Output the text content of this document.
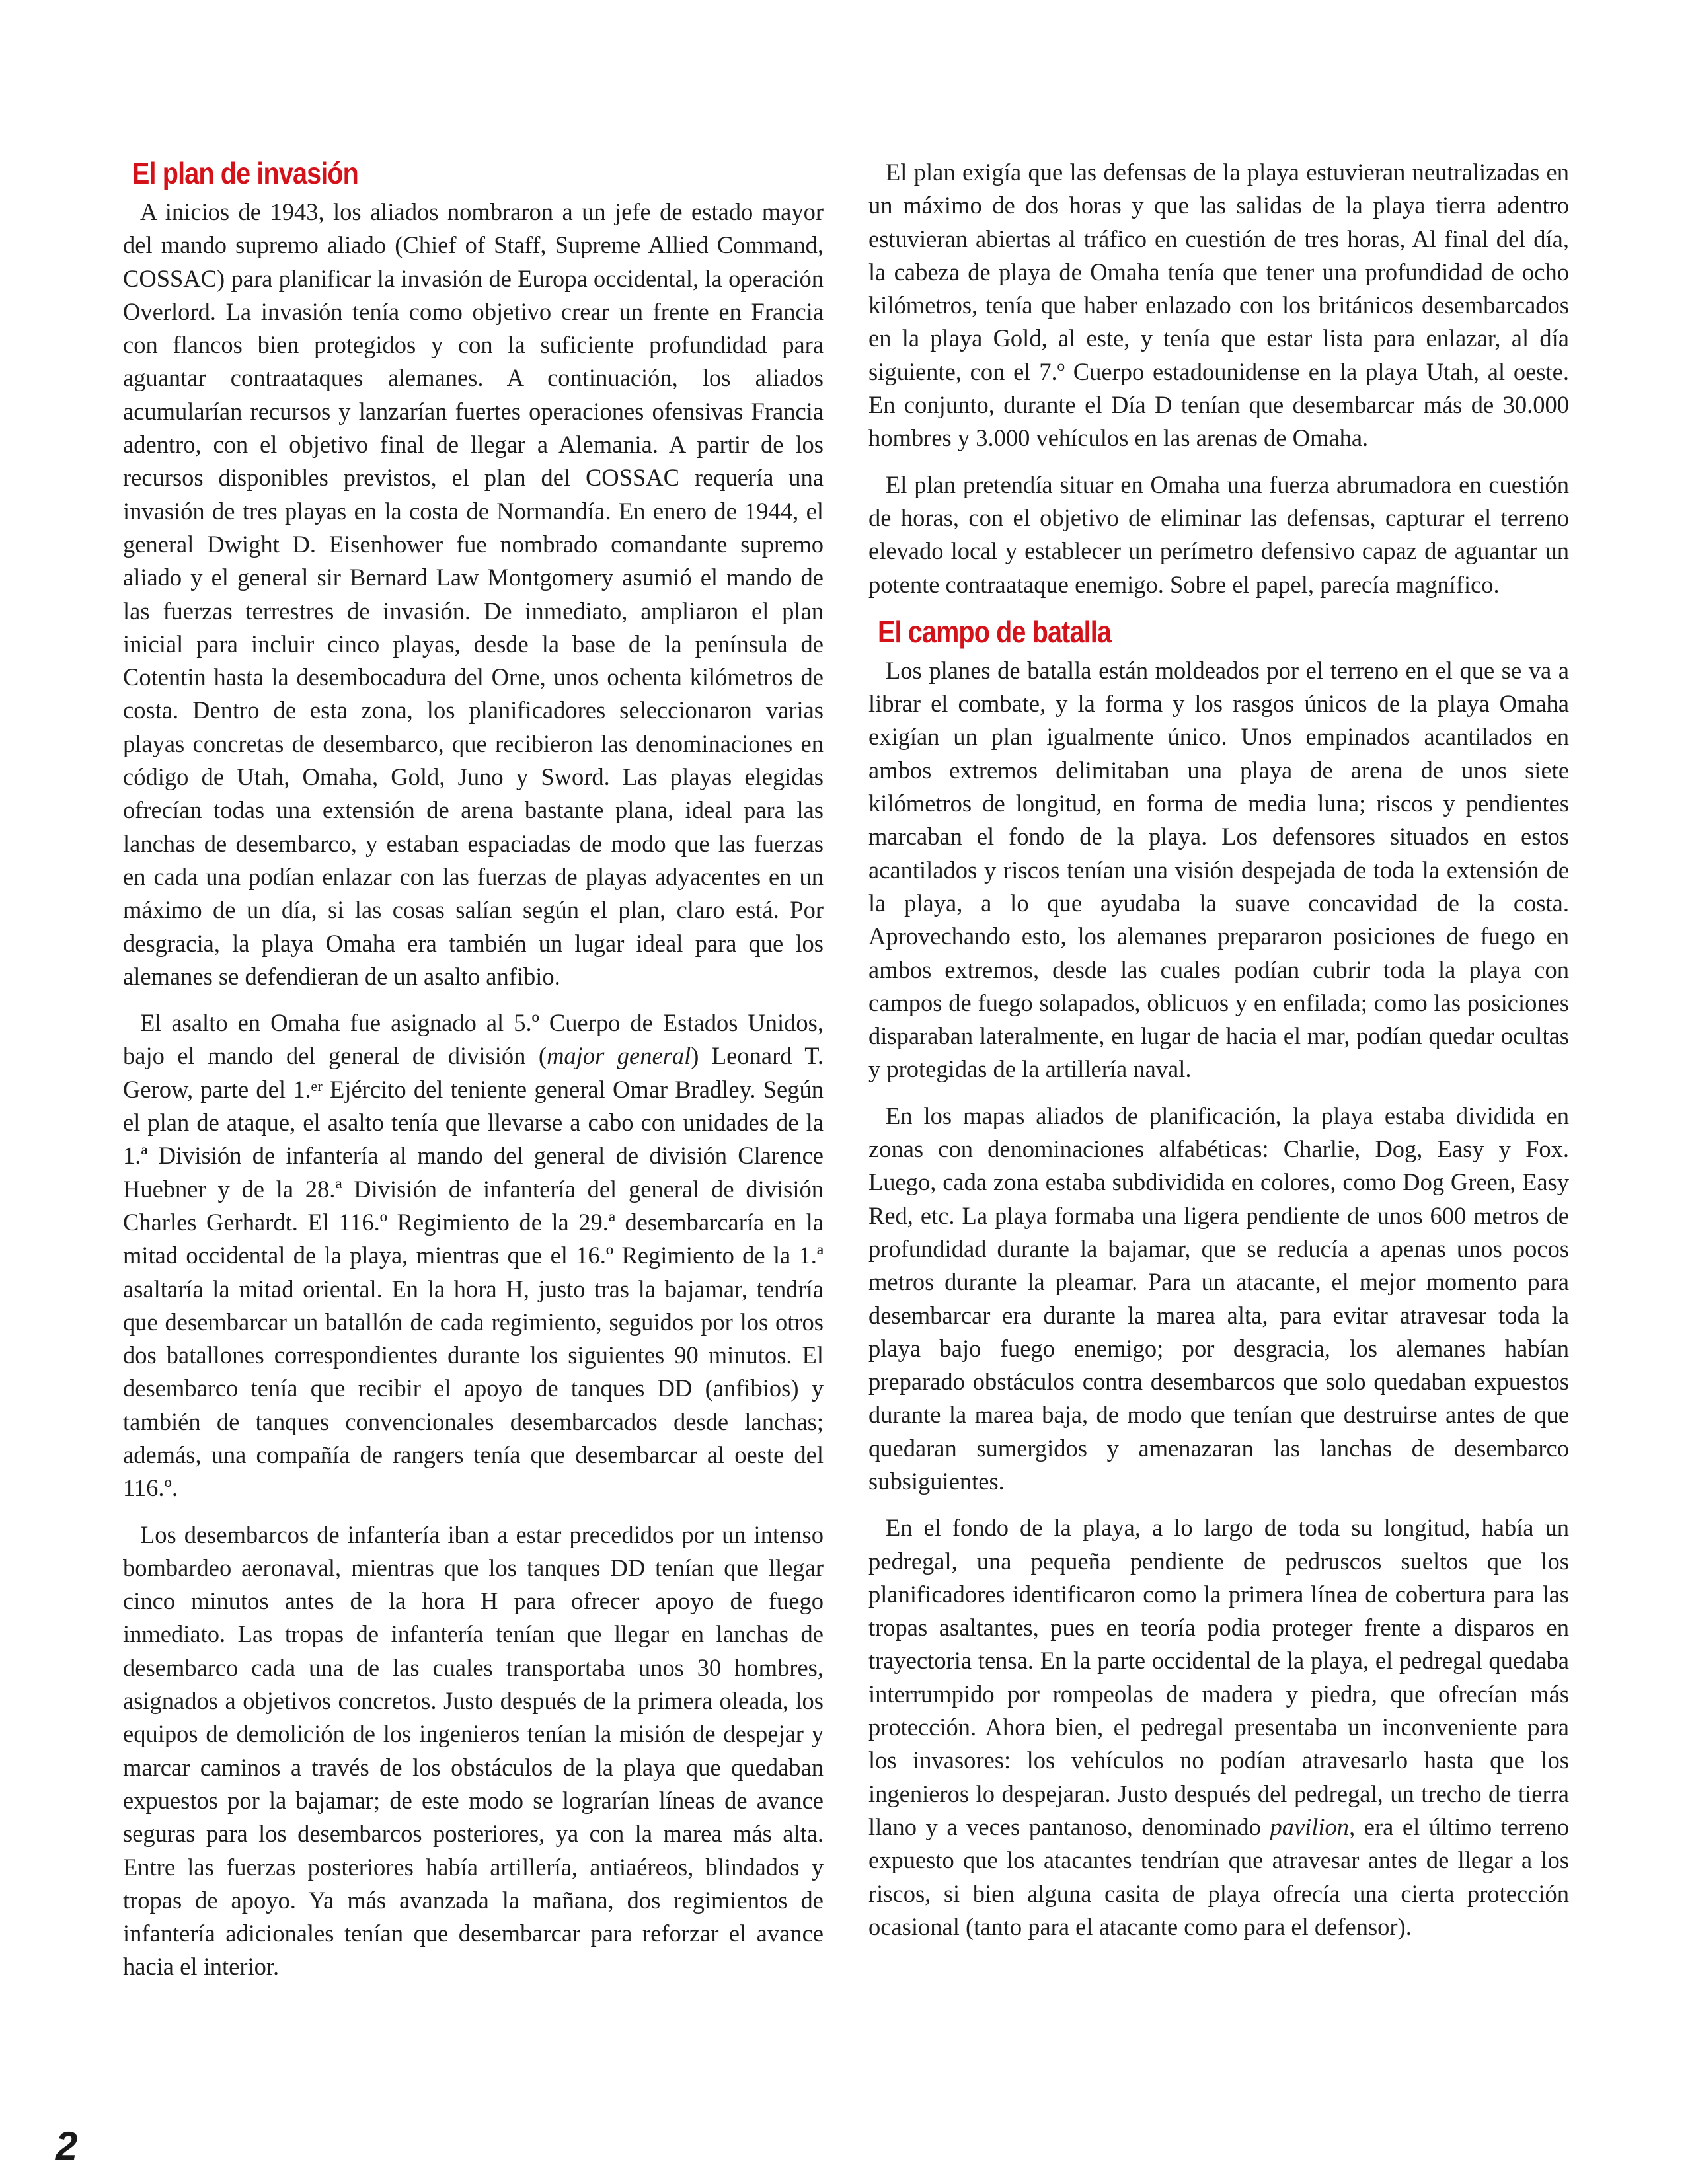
El plan de invasión

A inicios de 1943, los aliados nombraron a un jefe de estado mayor del mando supremo aliado (Chief of Staff, Supreme Allied Command, COSSAC) para planificar la invasión de Europa occidental, la operación Overlord. La invasión tenía como objetivo crear un frente en Francia con flancos bien protegidos y con la suficiente profundidad para aguantar contraataques alemanes. A continuación, los aliados acumularían recursos y lanzarían fuertes operaciones ofensivas Francia adentro, con el objetivo final de llegar a Alemania. A partir de los recursos disponibles previstos, el plan del COSSAC requería una invasión de tres playas en la costa de Normandía. En enero de 1944, el general Dwight D. Eisenhower fue nombrado comandante supremo aliado y el general sir Bernard Law Montgomery asumió el mando de las fuerzas terrestres de invasión. De inmediato, ampliaron el plan inicial para incluir cinco playas, desde la base de la península de Cotentin hasta la desembocadura del Orne, unos ochenta kilómetros de costa. Dentro de esta zona, los planificadores seleccionaron varias playas concretas de desembarco, que recibieron las denominaciones en código de Utah, Omaha, Gold, Juno y Sword. Las playas elegidas ofrecían todas una extensión de arena bastante plana, ideal para las lanchas de desembarco, y estaban espaciadas de modo que las fuerzas en cada una podían enlazar con las fuerzas de playas adyacentes en un máximo de un día, si las cosas salían según el plan, claro está. Por desgracia, la playa Omaha era también un lugar ideal para que los alemanes se defendieran de un asalto anfibio.

El asalto en Omaha fue asignado al 5.º Cuerpo de Estados Unidos, bajo el mando del general de división (major general) Leonard T. Gerow, parte del 1.ᵉʳ Ejército del teniente general Omar Bradley. Según el plan de ataque, el asalto tenía que llevarse a cabo con unidades de la 1.ª División de infantería al mando del general de división Clarence Huebner y de la 28.ª División de infantería del general de división Charles Gerhardt. El 116.º Regimiento de la 29.ª desembarcaría en la mitad occidental de la playa, mientras que el 16.º Regimiento de la 1.ª asaltaría la mitad oriental. En la hora H, justo tras la bajamar, tendría que desembarcar un batallón de cada regimiento, seguidos por los otros dos batallones correspondientes durante los siguientes 90 minutos. El desembarco tenía que recibir el apoyo de tanques DD (anfibios) y también de tanques convencionales desembarcados desde lanchas; además, una compañía de rangers tenía que desembarcar al oeste del 116.º.

Los desembarcos de infantería iban a estar precedidos por un intenso bombardeo aeronaval, mientras que los tanques DD tenían que llegar cinco minutos antes de la hora H para ofrecer apoyo de fuego inmediato. Las tropas de infantería tenían que llegar en lanchas de desembarco cada una de las cuales transportaba unos 30 hombres, asignados a objetivos concretos. Justo después de la primera oleada, los equipos de demolición de los ingenieros tenían la misión de despejar y marcar caminos a través de los obstáculos de la playa que quedaban expuestos por la bajamar; de este modo se lograrían líneas de avance seguras para los desembarcos posteriores, ya con la marea más alta. Entre las fuerzas posteriores había artillería, antiaéreos, blindados y tropas de apoyo. Ya más avanzada la mañana, dos regimientos de infantería adicionales tenían que desembarcar para reforzar el avance hacia el interior.

El plan exigía que las defensas de la playa estuvieran neutralizadas en un máximo de dos horas y que las salidas de la playa tierra adentro estuvieran abiertas al tráfico en cuestión de tres horas, Al final del día, la cabeza de playa de Omaha tenía que tener una profundidad de ocho kilómetros, tenía que haber enlazado con los británicos desembarcados en la playa Gold, al este, y tenía que estar lista para enlazar, al día siguiente, con el 7.º Cuerpo estadounidense en la playa Utah, al oeste. En conjunto, durante el Día D tenían que desembarcar más de 30.000 hombres y 3.000 vehículos en las arenas de Omaha.

El plan pretendía situar en Omaha una fuerza abrumadora en cuestión de horas, con el objetivo de eliminar las defensas, capturar el terreno elevado local y establecer un perímetro defensivo capaz de aguantar un potente contraataque enemigo. Sobre el papel, parecía magnífico.

El campo de batalla

Los planes de batalla están moldeados por el terreno en el que se va a librar el combate, y la forma y los rasgos únicos de la playa Omaha exigían un plan igualmente único. Unos empinados acantilados en ambos extremos delimitaban una playa de arena de unos siete kilómetros de longitud, en forma de media luna; riscos y pendientes marcaban el fondo de la playa. Los defensores situados en estos acantilados y riscos tenían una visión despejada de toda la extensión de la playa, a lo que ayudaba la suave concavidad de la costa. Aprovechando esto, los alemanes prepararon posiciones de fuego en ambos extremos, desde las cuales podían cubrir toda la playa con campos de fuego solapados, oblicuos y en enfilada; como las posiciones disparaban lateralmente, en lugar de hacia el mar, podían quedar ocultas y protegidas de la artillería naval.

En los mapas aliados de planificación, la playa estaba dividida en zonas con denominaciones alfabéticas: Charlie, Dog, Easy y Fox. Luego, cada zona estaba subdividida en colores, como Dog Green, Easy Red, etc. La playa formaba una ligera pendiente de unos 600 metros de profundidad durante la bajamar, que se reducía a apenas unos pocos metros durante la pleamar. Para un atacante, el mejor momento para desembarcar era durante la marea alta, para evitar atravesar toda la playa bajo fuego enemigo; por desgracia, los alemanes habían preparado obstáculos contra desembarcos que solo quedaban expuestos durante la marea baja, de modo que tenían que destruirse antes de que quedaran sumergidos y amenazaran las lanchas de desembarco subsiguientes.

En el fondo de la playa, a lo largo de toda su longitud, había un pedregal, una pequeña pendiente de pedruscos sueltos que los planificadores identificaron como la primera línea de cobertura para las tropas asaltantes, pues en teoría podia proteger frente a disparos en trayectoria tensa. En la parte occidental de la playa, el pedregal quedaba interrumpido por rompeolas de madera y piedra, que ofrecían más protección. Ahora bien, el pedregal presentaba un inconveniente para los invasores: los vehículos no podían atravesarlo hasta que los ingenieros lo despejaran. Justo después del pedregal, un trecho de tierra llano y a veces pantanoso, denominado pavilion, era el último terreno expuesto que los atacantes tendrían que atravesar antes de llegar a los riscos, si bien alguna casita de playa ofrecía una cierta protección ocasional (tanto para el atacante como para el defensor).

2
